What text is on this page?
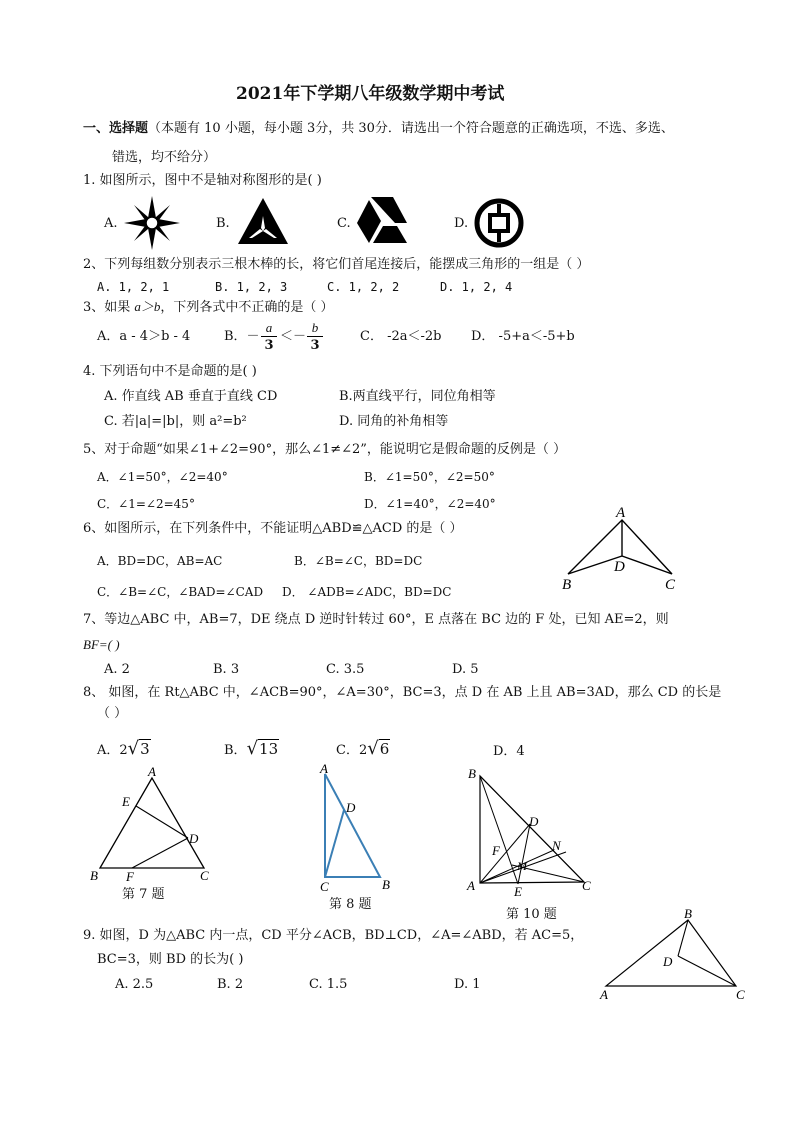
2021年下学期八年级数学期中考试
一、选择题（本题有 10 小题，每小题 3分，共 30分．请选出一个符合题意的正确选项，不选、多选、
错选，均不给分）
1. 如图所示，图中不是轴对称图形的是( )
A.	B.	C.	D.
2、下列每组数分别表示三根木棒的长，将它们首尾连接后，能摆成三角形的一组是（ ）
A. 1, 2, 1	B. 1, 2, 3	C. 1, 2, 2	D. 1, 2, 4
3、如果 a＞b，下列各式中不正确的是（ ）
A．a - 4＞b - 4	B．－
a
3
＜－
b
3
C． -2a＜-2b D． -5+a＜-5+b
4. 下列语句中不是命题的是( )
A. 作直线 AB 垂直于直线 CD	B.两直线平行，同位角相等
C. 若|a|=|b|，则 a²=b²	D. 同角的补角相等
5、对于命题“如果∠1+∠2=90°，那么∠1≠∠2”，能说明它是假命题的反例是（ ）
A．∠1=50°，∠2=40°	B．∠1=50°，∠2=50°
C．∠1=∠2=45°	D．∠1=40°，∠2=40°
6、如图所示，在下列条件中，不能证明△ABD≌△ACD 的是（ ）
A．BD=DC，AB=AC	B．∠B=∠C，BD=DC
C．∠B=∠C，∠BAD=∠CAD D． ∠ADB=∠ADC，BD=DC
A
B	C
D
7、等边△ABC 中，AB=7，DE 绕点 D 逆时针转过 60°，E 点落在 BC 边的 F 处，已知 AE=2，则
BF=( )
A. 2	B. 3	C. 3.5	D. 5
8、 如图，在 Rt△ABC 中，∠ACB=90°，∠A=30°，BC=3，点 D 在 AB 上且 AB=3AD，那么 CD 的长是
（ ）
A．2√3	B．√13	C．2√6	D．4
A
E
D
B F	C
第 7 题
A
D
C	B
第 8 题
B
D
F	N
M
A	E	C
第 10 题
9. 如图，D 为△ABC 内一点，CD 平分∠ACB，BD⊥CD，∠A=∠ABD，若 AC=5，
BC=3，则 BD 的长为( )
A. 2.5	B. 2	C. 1.5	D. 1
B
D
A	C
